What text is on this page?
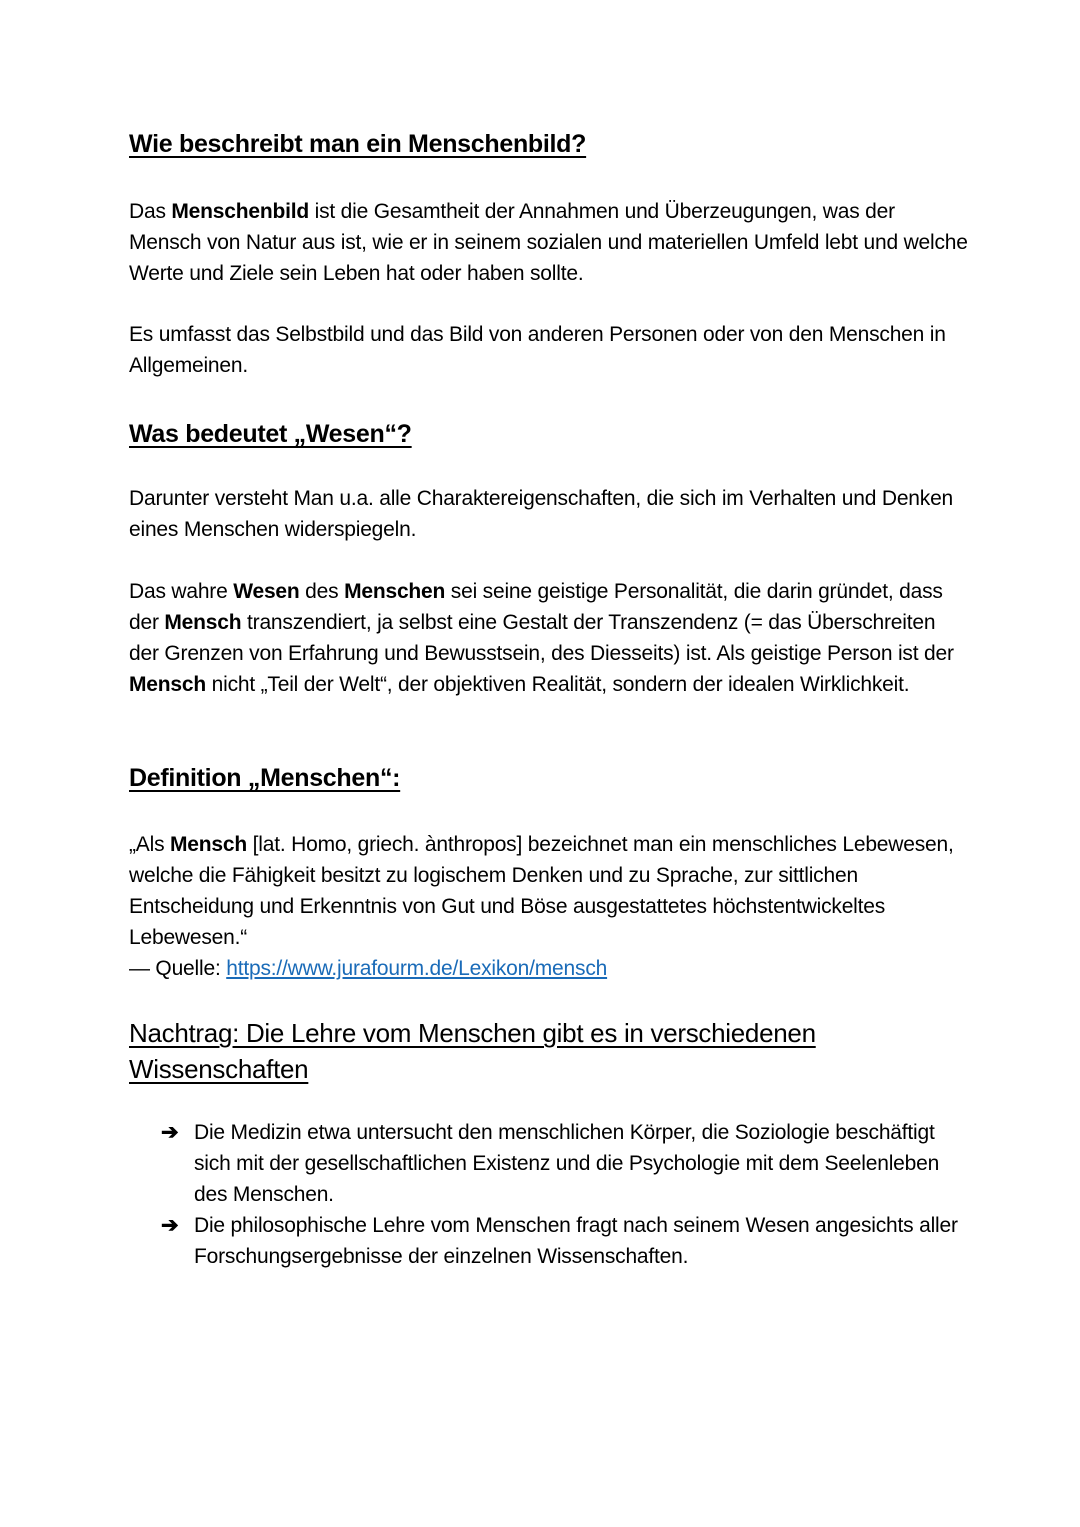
Wie beschreibt man ein Menschenbild?
Das Menschenbild ist die Gesamtheit der Annahmen und Überzeugungen, was der Mensch von Natur aus ist, wie er in seinem sozialen und materiellen Umfeld lebt und welche Werte und Ziele sein Leben hat oder haben sollte.
Es umfasst das Selbstbild und das Bild von anderen Personen oder von den Menschen in Allgemeinen.
Was bedeutet „Wesen“?
Darunter versteht Man u.a. alle Charaktereigenschaften, die sich im Verhalten und Denken eines Menschen widerspiegeln.
Das wahre Wesen des Menschen sei seine geistige Personalität, die darin gründet, dass der Mensch transzendiert, ja selbst eine Gestalt der Transzendenz (= das Überschreiten der Grenzen von Erfahrung und Bewusstsein, des Diesseits) ist. Als geistige Person ist der Mensch nicht „Teil der Welt“, der objektiven Realität, sondern der idealen Wirklichkeit.
Definition „Menschen“:
„Als Mensch [lat. Homo, griech. ànthropos] bezeichnet man ein menschliches Lebewesen, welche die Fähigkeit besitzt zu logischem Denken und zu Sprache, zur sittlichen Entscheidung und Erkenntnis von Gut und Böse ausgestattetes höchstentwickeltes Lebewesen.“
— Quelle: https://www.jurafourm.de/Lexikon/mensch
Nachtrag: Die Lehre vom Menschen gibt es in verschiedenen Wissenschaften
➔ Die Medizin etwa untersucht den menschlichen Körper, die Soziologie beschäftigt sich mit der gesellschaftlichen Existenz und die Psychologie mit dem Seelenleben des Menschen.
➔ Die philosophische Lehre vom Menschen fragt nach seinem Wesen angesichts aller Forschungsergebnisse der einzelnen Wissenschaften.
